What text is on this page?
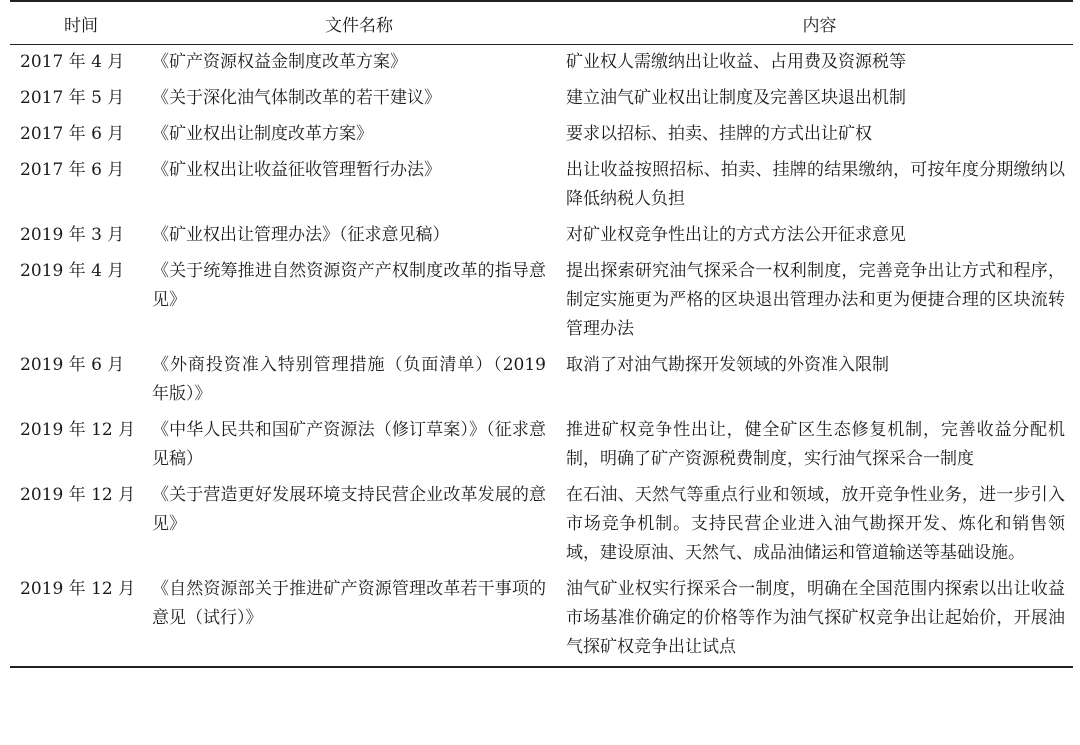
时间	文件名称	内容
2017 年 4 月	《矿产资源权益金制度改革方案》	矿业权人需缴纳出让收益、占用费及资源税等
2017 年 5 月	《关于深化油气体制改革的若干建议》	建立油气矿业权出让制度及完善区块退出机制
2017 年 6 月	《矿业权出让制度改革方案》	要求以招标、拍卖、挂牌的方式出让矿权
2017 年 6 月	《矿业权出让收益征收管理暂行办法》	出让收益按照招标、拍卖、挂牌的结果缴纳，可按年度分期缴纳以降低纳税人负担
2019 年 3 月	《矿业权出让管理办法》（征求意见稿）	对矿业权竞争性出让的方式方法公开征求意见
2019 年 4 月	《关于统筹推进自然资源资产产权制度改革的指导意见》	提出探索研究油气探采合一权利制度，完善竞争出让方式和程序，制定实施更为严格的区块退出管理办法和更为便捷合理的区块流转管理办法
2019 年 6 月	《外商投资准入特别管理措施（负面清单）（2019 年版）》	取消了对油气勘探开发领域的外资准入限制
2019 年 12 月	《中华人民共和国矿产资源法（修订草案）》（征求意见稿）	推进矿权竞争性出让，健全矿区生态修复机制，完善收益分配机制，明确了矿产资源税费制度，实行油气探采合一制度
2019 年 12 月	《关于营造更好发展环境支持民营企业改革发展的意见》	在石油、天然气等重点行业和领域，放开竞争性业务，进一步引入市场竞争机制。支持民营企业进入油气勘探开发、炼化和销售领域，建设原油、天然气、成品油储运和管道输送等基础设施。
2019 年 12 月	《自然资源部关于推进矿产资源管理改革若干事项的意见（试行）》	油气矿业权实行探采合一制度，明确在全国范围内探索以出让收益市场基准价确定的价格等作为油气探矿权竞争出让起始价，开展油气探矿权竞争出让试点
